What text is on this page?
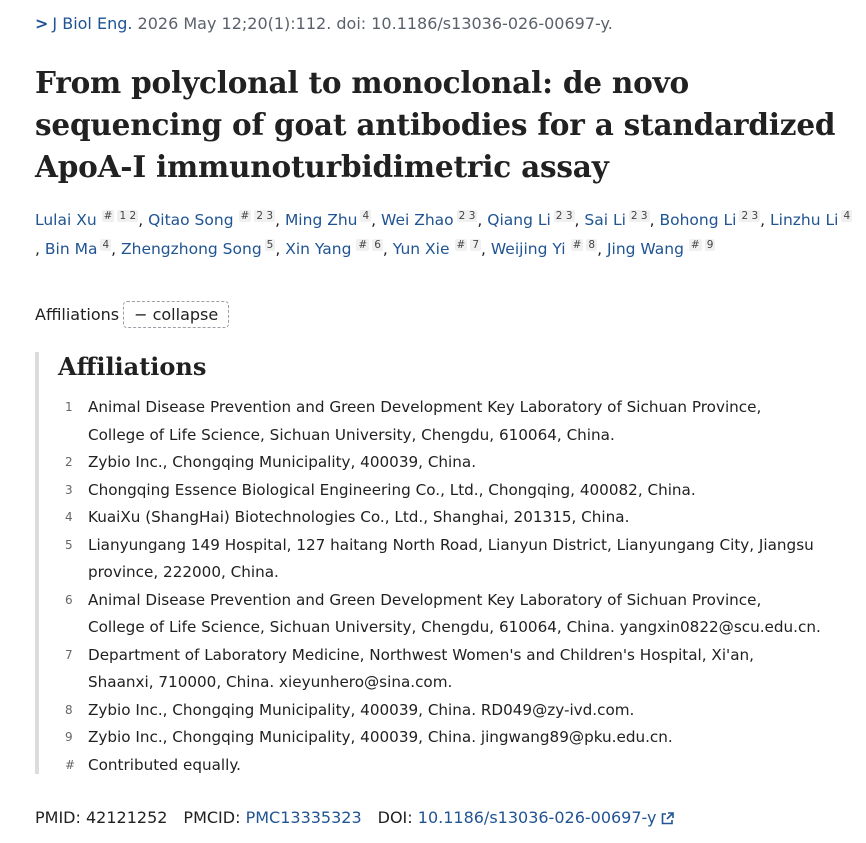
> J Biol Eng. 2026 May 12;20(1):112. doi: 10.1186/s13036-026-00697-y.
From polyclonal to monoclonal: de novo sequencing of goat antibodies for a standardized ApoA-I immunoturbidimetric assay
Lulai Xu # 1 2 , Qitao Song # 2 3 , Ming Zhu 4 , Wei Zhao 2 3 , Qiang Li 2 3 , Sai Li 2 3 , Bohong Li 2 3 , Linzhu Li 4, Bin Ma 4 , Zhengzhong Song 5 , Xin Yang # 6 , Yun Xie # 7 , Weijing Yi # 8 , Jing Wang # 9
Affiliations − collapse
Affiliations
1	Animal Disease Prevention and Green Development Key Laboratory of Sichuan Province,
College of Life Science, Sichuan University, Chengdu, 610064, China.
2	Zybio Inc., Chongqing Municipality, 400039, China.
3	Chongqing Essence Biological Engineering Co., Ltd., Chongqing, 400082, China.
4	KuaiXu (ShangHai) Biotechnologies Co., Ltd., Shanghai, 201315, China.
5	Lianyungang 149 Hospital, 127 haitang North Road, Lianyun District, Lianyungang City, Jiangsu
province, 222000, China.
6	Animal Disease Prevention and Green Development Key Laboratory of Sichuan Province,
College of Life Science, Sichuan University, Chengdu, 610064, China. yangxin0822@scu.edu.cn.
7	Department of Laboratory Medicine, Northwest Women's and Children's Hospital, Xi'an,
Shaanxi, 710000, China. xieyunhero@sina.com.
8	Zybio Inc., Chongqing Municipality, 400039, China. RD049@zy-ivd.com.
9	Zybio Inc., Chongqing Municipality, 400039, China. jingwang89@pku.edu.cn.
# Contributed equally.
PMID: 42121252 PMCID: PMC13335323 DOI: 10.1186/s13036-026-00697-y
